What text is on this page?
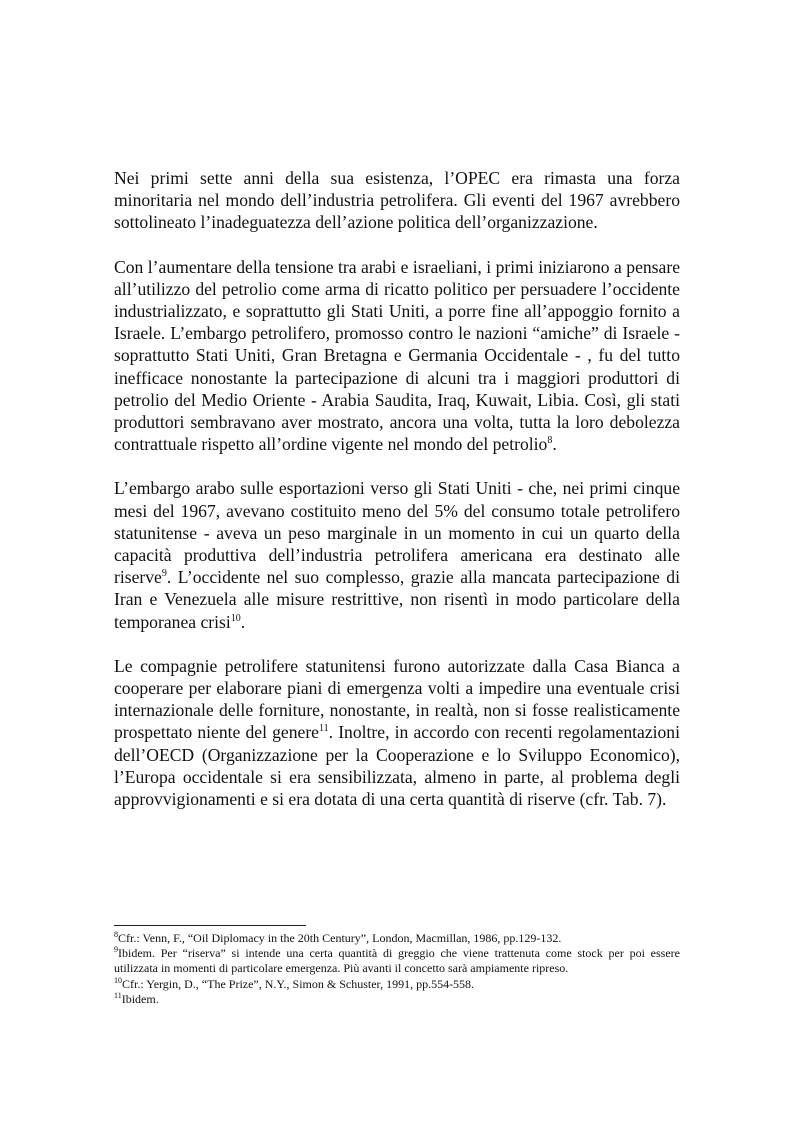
Nei primi sette anni della sua esistenza, l’OPEC era rimasta una forza minoritaria nel mondo dell’industria petrolifera. Gli eventi del 1967 avrebbero sottolineato l’inadeguatezza dell’azione politica dell’organizzazione.

Con l’aumentare della tensione tra arabi e israeliani, i primi iniziarono a pensare all’utilizzo del petrolio come arma di ricatto politico per persuadere l’occidente industrializzato, e soprattutto gli Stati Uniti, a porre fine all’appoggio fornito a Israele. L’embargo petrolifero, promosso contro le nazioni “amiche” di Israele - soprattutto Stati Uniti, Gran Bretagna e Germania Occidentale - , fu del tutto inefficace nonostante la partecipazione di alcuni tra i maggiori produttori di petrolio del Medio Oriente - Arabia Saudita, Iraq, Kuwait, Libia. Così, gli stati produttori sembravano aver mostrato, ancora una volta, tutta la loro debolezza contrattuale rispetto all’ordine vigente nel mondo del petrolio$^8$.

L’embargo arabo sulle esportazioni verso gli Stati Uniti - che, nei primi cinque mesi del 1967, avevano costituito meno del 5% del consumo totale petrolifero statunitense - aveva un peso marginale in un momento in cui un quarto della capacità produttiva dell’industria petrolifera americana era destinato alle riserve$^9$. L’occidente nel suo complesso, grazie alla mancata partecipazione di Iran e Venezuela alle misure restrittive, non risentì in modo particolare della temporanea crisi$^{10}$.

Le compagnie petrolifere statunitensi furono autorizzate dalla Casa Bianca a cooperare per elaborare piani di emergenza volti a impedire una eventuale crisi internazionale delle forniture, nonostante, in realtà, non si fosse realisticamente prospettato niente del genere$^{11}$. Inoltre, in accordo con recenti regolamentazioni dell’OECD (Organizzazione per la Cooperazione e lo Sviluppo Economico), l’Europa occidentale si era sensibilizzata, almeno in parte, al problema degli approvvigionamenti e si era dotata di una certa quantità di riserve (cfr. Tab. 7).

$^8$Cfr.: Venn, F., “Oil Diplomacy in the 20th Century”, London, Macmillan, 1986, pp.129-132.

$^9$Ibidem. Per “riserva” si intende una certa quantità di greggio che viene trattenuta come stock per poi essere utilizzata in momenti di particolare emergenza. Più avanti il concetto sarà ampiamente ripreso.

$^{10}$Cfr.: Yergin, D., “The Prize”, N.Y., Simon & Schuster, 1991, pp.554-558.

$^{11}$Ibidem.
